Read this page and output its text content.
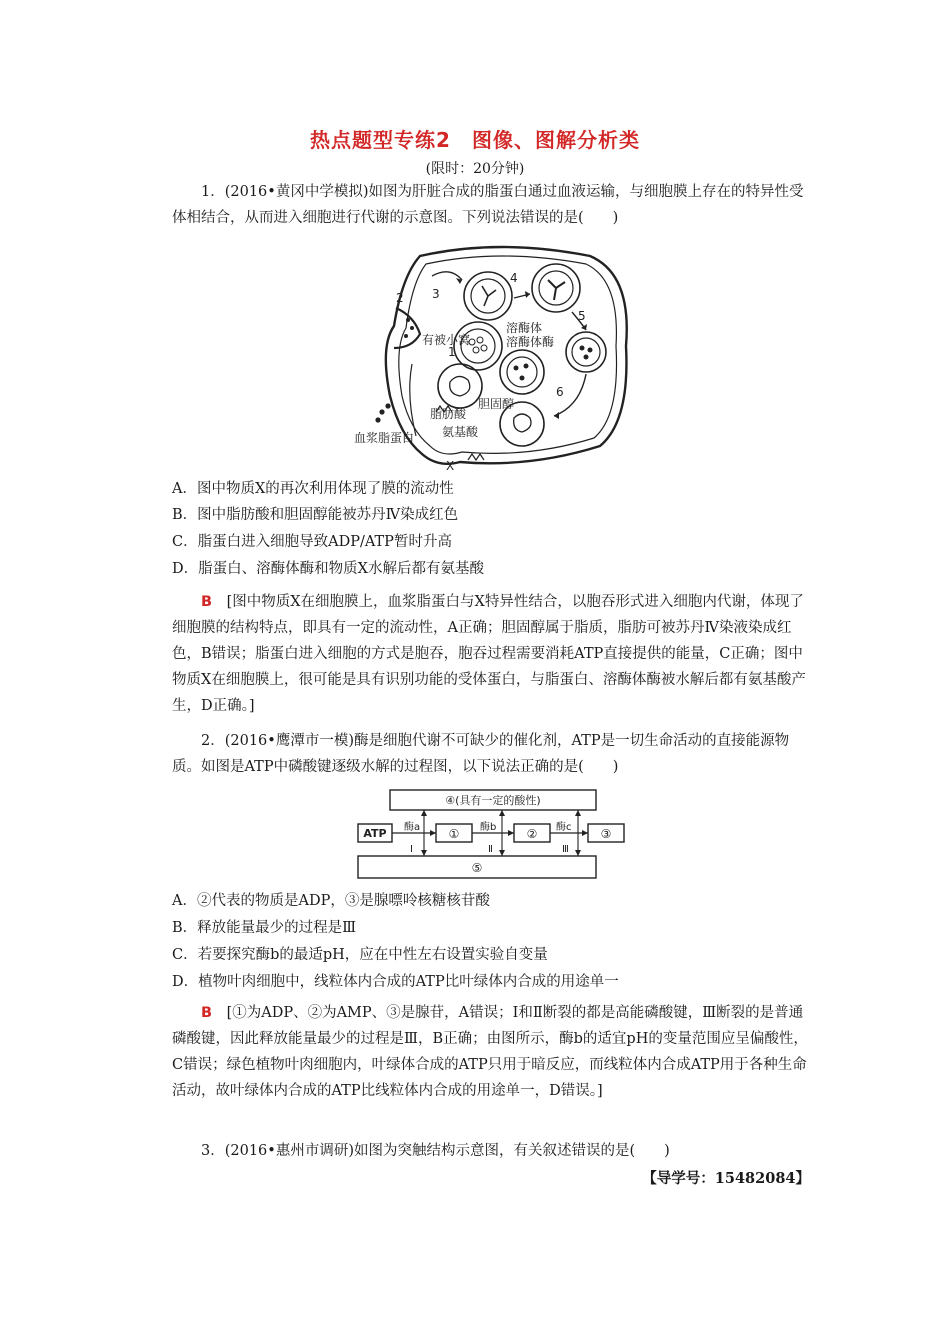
热点题型专练2　图像、图解分析类
(限时：20分钟)

1．(2016•黄冈中学模拟)如图为肝脏合成的脂蛋白通过血液运输，与细胞膜上存在的特异性受体相结合，从而进入细胞进行代谢的示意图。下列说法错误的是(　　)

2 3
4
5
6
1
溶酶体
溶酶体酶
有被小窝
胆固醇
脂肪酸
氨基酸
血浆脂蛋白
X
A．图中物质X的再次利用体现了膜的流动性
B．图中脂肪酸和胆固醇能被苏丹Ⅳ染成红色
C．脂蛋白进入细胞导致ADP/ATP暂时升高
D．脂蛋白、溶酶体酶和物质X水解后都有氨基酸

B　 [图中物质X在细胞膜上，血浆脂蛋白与X特异性结合，以胞吞形式进入细胞内代谢，体现了细胞膜的结构特点，即具有一定的流动性，A正确；胆固醇属于脂质，脂肪可被苏丹Ⅳ染液染成红色，B错误；脂蛋白进入细胞的方式是胞吞，胞吞过程需要消耗ATP直接提供的能量，C正确；图中物质X在细胞膜上，很可能是具有识别功能的受体蛋白，与脂蛋白、溶酶体酶被水解后都有氨基酸产生，D正确。]

2．(2016•鹰潭市一模)酶是细胞代谢不可缺少的催化剂，ATP是一切生命活动的直接能源物质。如图是ATP中磷酸键逐级水解的过程图，以下说法正确的是(　　)

④(具有一定的酸性)
ATP	①	②	③
⑤
酶a	酶b	酶c
Ⅰ	Ⅱ	Ⅲ
A．②代表的物质是ADP，③是腺嘌呤核糖核苷酸
B．释放能量最少的过程是Ⅲ
C．若要探究酶b的最适pH，应在中性左右设置实验自变量
D．植物叶肉细胞中，线粒体内合成的ATP比叶绿体内合成的用途单一

B　 [①为ADP、②为AMP、③是腺苷，A错误；Ⅰ和Ⅱ断裂的都是高能磷酸键，Ⅲ断裂的是普通磷酸键，因此释放能量最少的过程是Ⅲ，B正确；由图所示，酶b的适宜pH的变量范围应呈偏酸性，C错误；绿色植物叶肉细胞内，叶绿体合成的ATP只用于暗反应，而线粒体内合成ATP用于各种生命活动，故叶绿体内合成的ATP比线粒体内合成的用途单一，D错误。]

3．(2016•惠州市调研)如图为突触结构示意图，有关叙述错误的是(　　)

【导学号：15482084】
